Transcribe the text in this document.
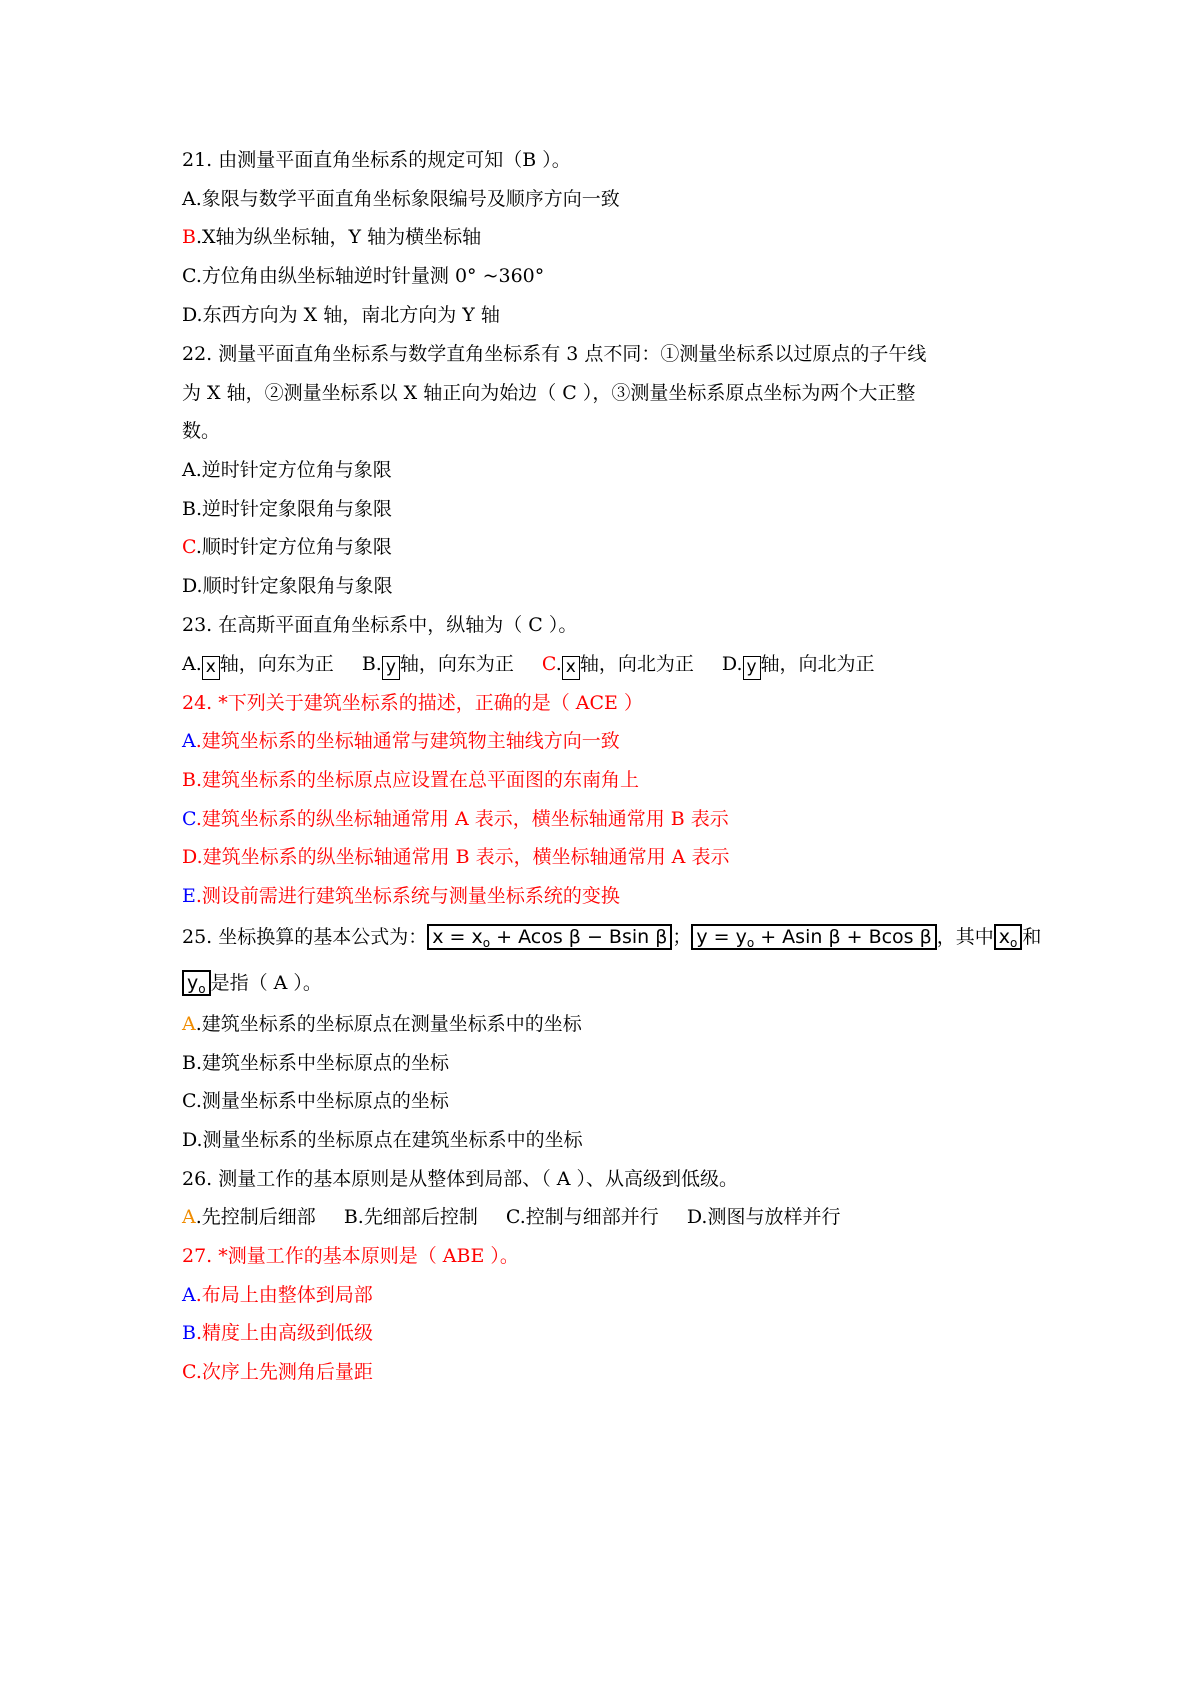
21. 由测量平面直角坐标系的规定可知（B ）。
A.象限与数学平面直角坐标象限编号及顺序方向一致
B.X轴为纵坐标轴，Y 轴为横坐标轴
C.方位角由纵坐标轴逆时针量测 0° ~360°
D.东西方向为 X 轴，南北方向为 Y 轴
22. 测量平面直角坐标系与数学直角坐标系有 3 点不同：①测量坐标系以过原点的子午线
为 X 轴，②测量坐标系以 X 轴正向为始边（ C ），③测量坐标系原点坐标为两个大正整
数。
A.逆时针定方位角与象限
B.逆时针定象限角与象限
C.顺时针定方位角与象限
D.顺时针定象限角与象限
23. 在高斯平面直角坐标系中，纵轴为（ C ）。
A. x 轴，向东为正 B. y 轴，向东为正 C. x 轴，向北为正 D. y 轴，向北为正
24. *下列关于建筑坐标系的描述，正确的是（ ACE ）
A.建筑坐标系的坐标轴通常与建筑物主轴线方向一致
B.建筑坐标系的坐标原点应设置在总平面图的东南角上
C.建筑坐标系的纵坐标轴通常用 A 表示，横坐标轴通常用 B 表示
D.建筑坐标系的纵坐标轴通常用 B 表示，横坐标轴通常用 A 表示
E.测设前需进行建筑坐标系统与测量坐标系统的变换
25. 坐标换算的基本公式为： $x = x_o + Acos$ β − Bsin β ； $y = y_o + Asin$ β + Bcos β ，其中 $x_o$ 和
$y_o$ 是指（ A ）。
A.建筑坐标系的坐标原点在测量坐标系中的坐标
B.建筑坐标系中坐标原点的坐标
C.测量坐标系中坐标原点的坐标
D.测量坐标系的坐标原点在建筑坐标系中的坐标
26. 测量工作的基本原则是从整体到局部、（ A ）、从高级到低级。
A.先控制后细部 B.先细部后控制 C.控制与细部并行 D.测图与放样并行
27. *测量工作的基本原则是（ ABE ）。
A.布局上由整体到局部
B.精度上由高级到低级
C.次序上先测角后量距
